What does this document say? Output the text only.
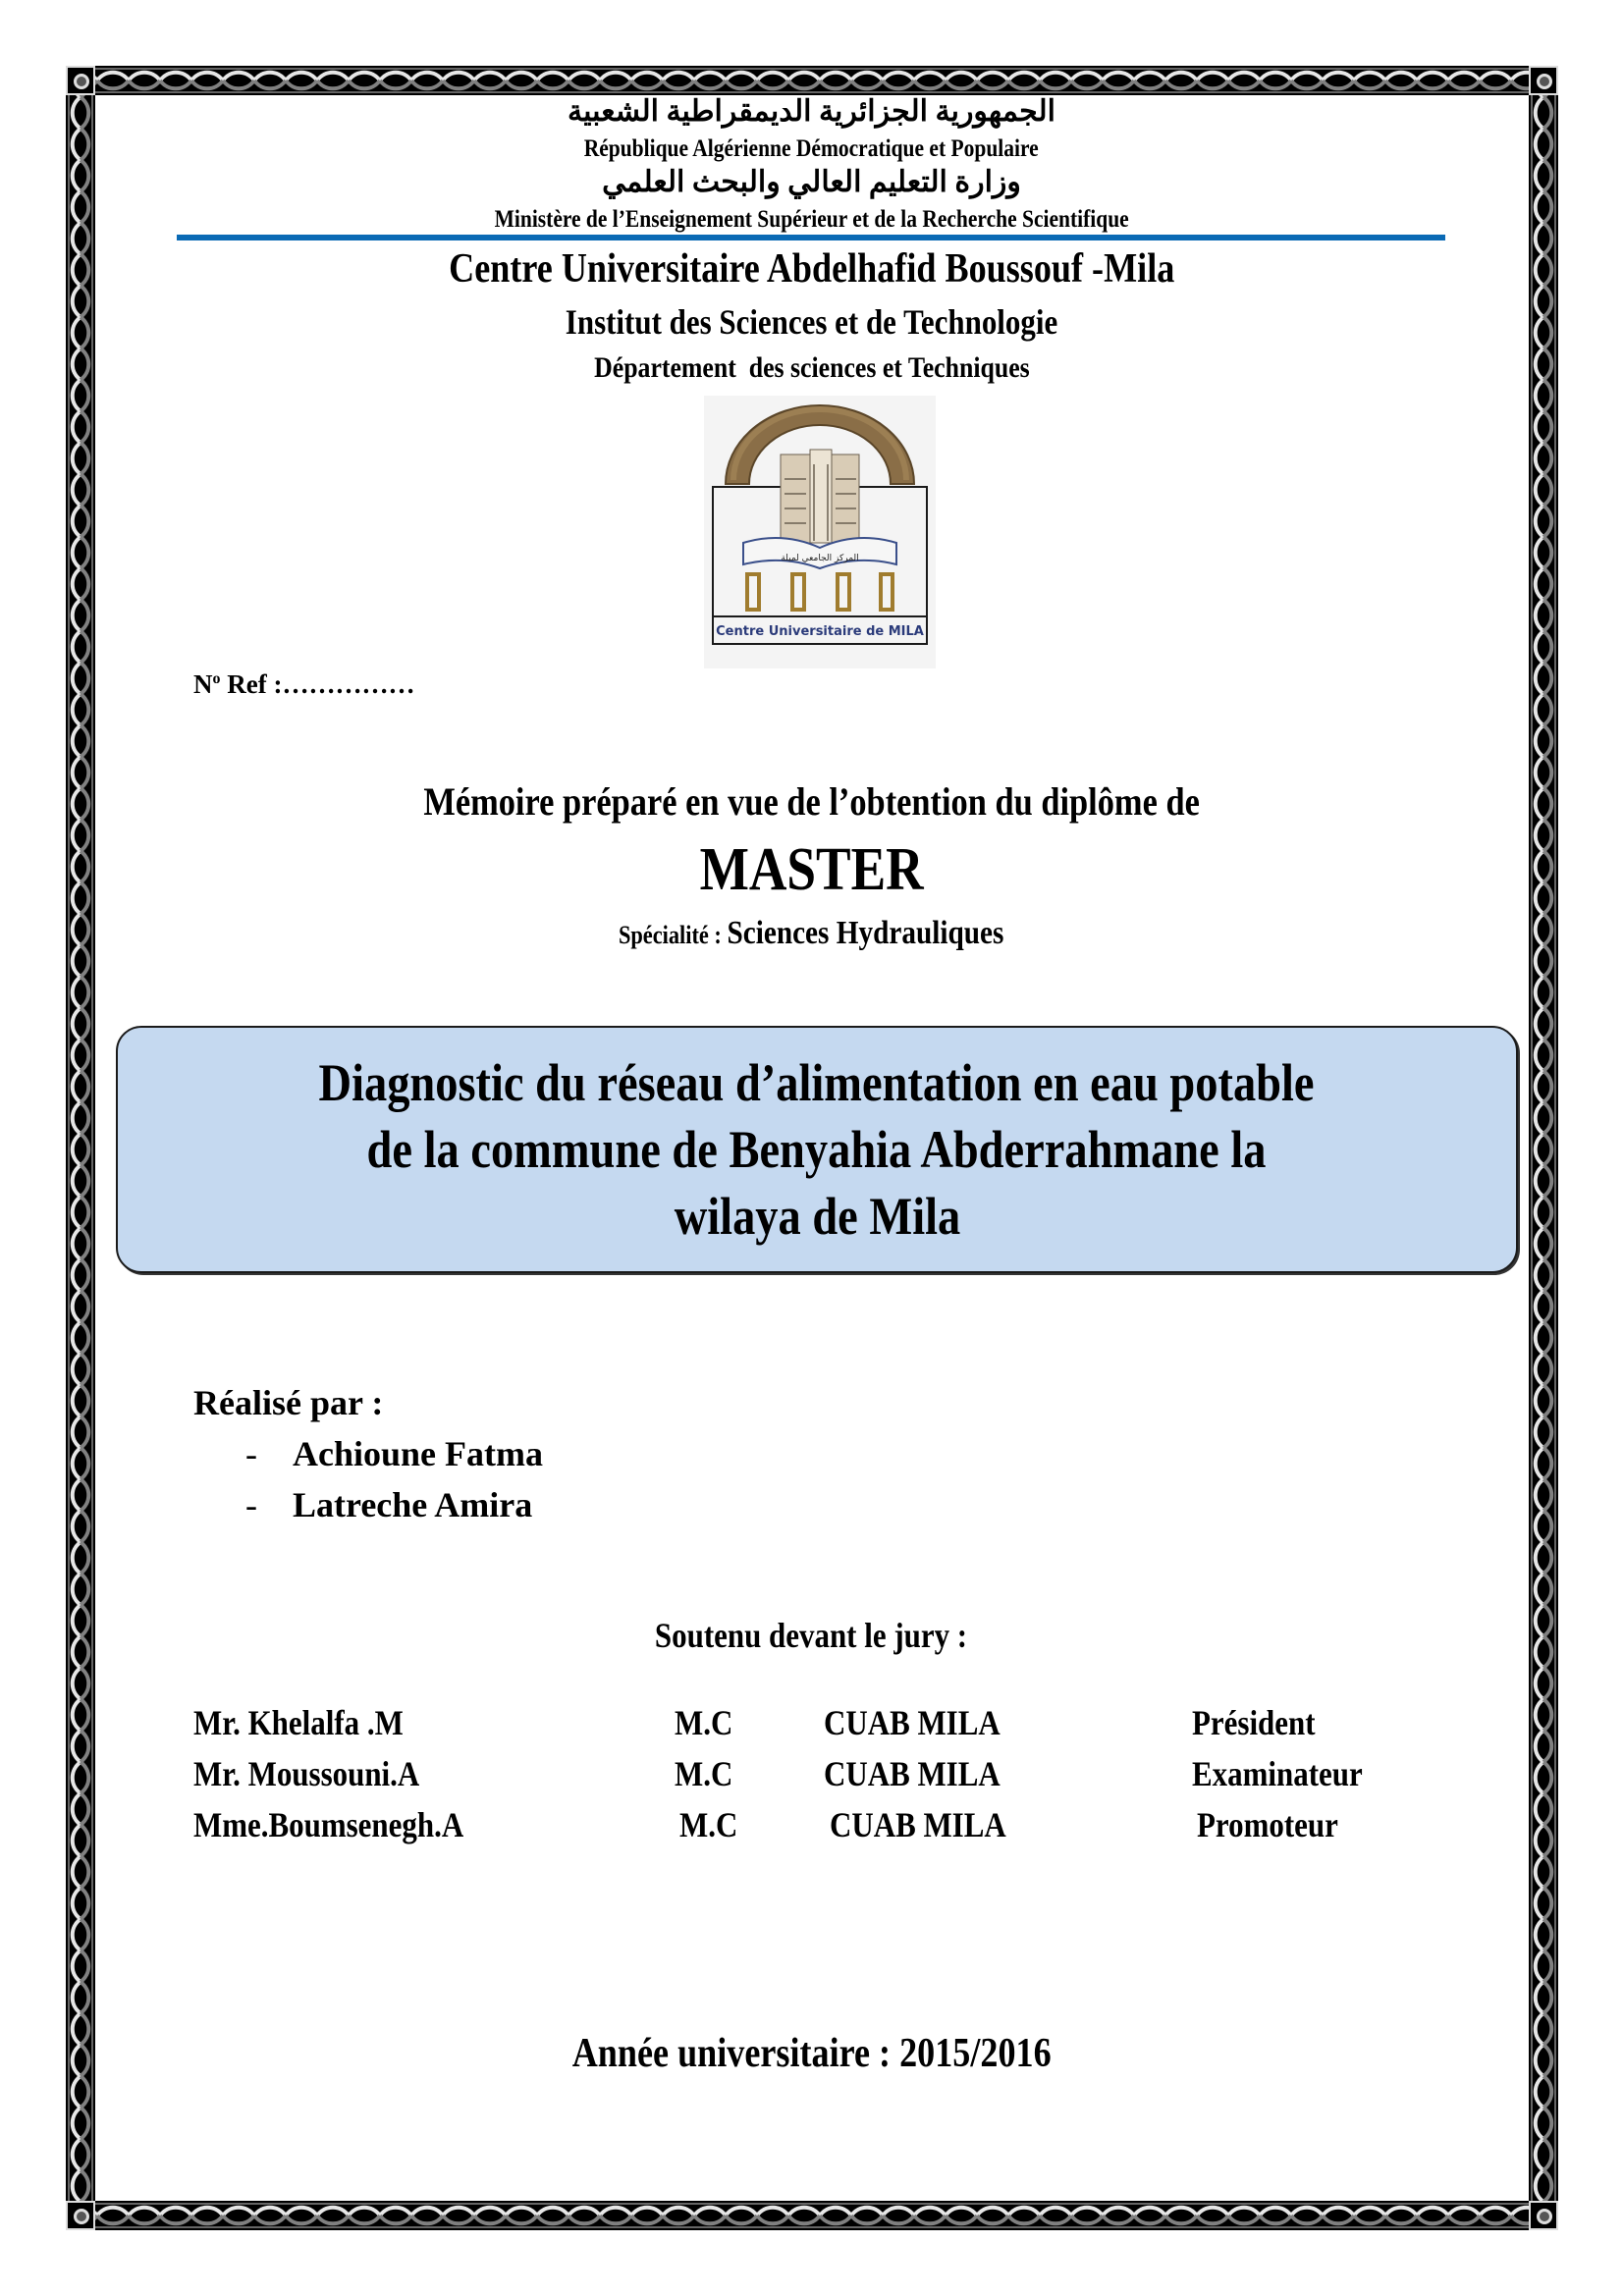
الجمهورية الجزائرية الديمقراطية الشعبية
République Algérienne Démocratique et Populaire
وزارة التعليم العالي والبحث العلمي
Ministère de l’Enseignement Supérieur et de la Recherche Scientifique
Centre Universitaire Abdelhafid Boussouf -Mila
Institut des Sciences et de Technologie
Département  des sciences et Techniques
المركز الجامعي لميلة
Centre Universitaire de MILA
$N^o$ Ref :……………
Mémoire préparé en vue de l’obtention du diplôme de
MASTER
Spécialité : Sciences Hydrauliques
Diagnostic du réseau d’alimentation en eau potable
de la commune de Benyahia Abderrahmane la
wilaya de Mila
Réalisé par :
- Achioune Fatma
- Latreche Amira
Soutenu devant le jury :
Mr. Khelalfa .M	M.C	CUAB MILA	Président
Mr. Moussouni.A	M.C	CUAB MILA	Examinateur
Mme.Boumsenegh.A	M.C	CUAB MILA	Promoteur
Année universitaire : 2015/2016
